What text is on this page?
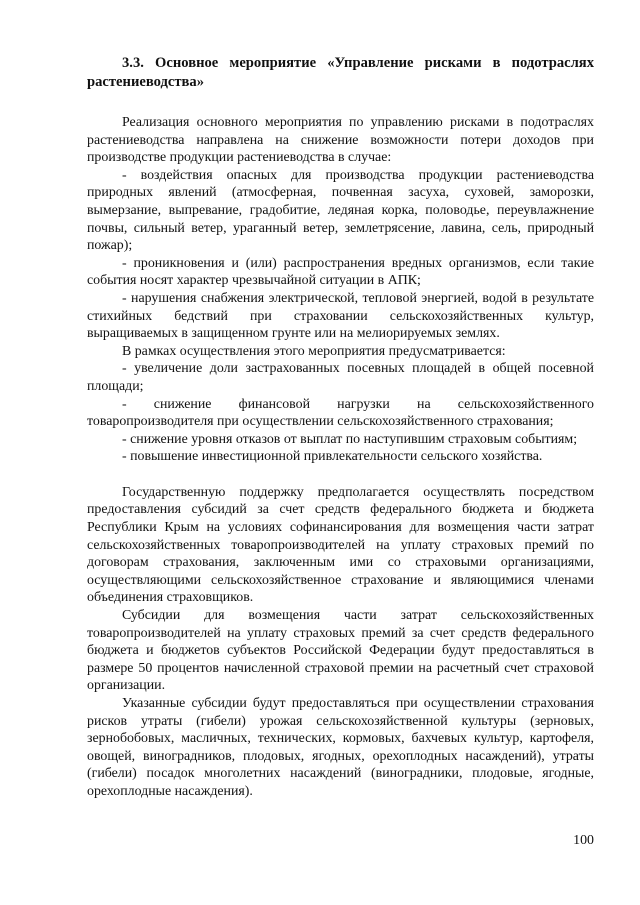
3.3. Основное мероприятие «Управление рисками в подотраслях растениеводства»

Реализация основного мероприятия по управлению рисками в подотраслях растениеводства направлена на снижение возможности потери доходов при производстве продукции растениеводства в случае:

- воздействия опасных для производства продукции растениеводства природных явлений (атмосферная, почвенная засуха, суховей, заморозки, вымерзание, выпревание, градобитие, ледяная корка, половодье, переувлажнение почвы, сильный ветер, ураганный ветер, землетрясение, лавина, сель, природный пожар);

- проникновения и (или) распространения вредных организмов, если такие события носят характер чрезвычайной ситуации в АПК;

- нарушения снабжения электрической, тепловой энергией, водой в результате стихийных бедствий при страховании сельскохозяйственных культур, выращиваемых в защищенном грунте или на мелиорируемых землях.

В рамках осуществления этого мероприятия предусматривается:

- увеличение доли застрахованных посевных площадей в общей посевной площади;

- снижение финансовой нагрузки на сельскохозяйственного товаропроизводителя при осуществлении сельскохозяйственного страхования;

- снижение уровня отказов от выплат по наступившим страховым событиям;

- повышение инвестиционной привлекательности сельского хозяйства.

Государственную поддержку предполагается осуществлять посредством предоставления субсидий за счет средств федерального бюджета и бюджета Республики Крым на условиях софинансирования для возмещения части затрат сельскохозяйственных товаропроизводителей на уплату страховых премий по договорам страхования, заключенным ими со страховыми организациями, осуществляющими сельскохозяйственное страхование и являющимися членами объединения страховщиков.

Субсидии для возмещения части затрат сельскохозяйственных товаропроизводителей на уплату страховых премий за счет средств федерального бюджета и бюджетов субъектов Российской Федерации будут предоставляться в размере 50 процентов начисленной страховой премии на расчетный счет страховой организации.

Указанные субсидии будут предоставляться при осуществлении страхования рисков утраты (гибели) урожая сельскохозяйственной культуры (зерновых, зернобобовых, масличных, технических, кормовых, бахчевых культур, картофеля, овощей, виноградников, плодовых, ягодных, орехоплодных насаждений), утраты (гибели) посадок многолетних насаждений (виноградники, плодовые, ягодные, орехоплодные насаждения).

100
